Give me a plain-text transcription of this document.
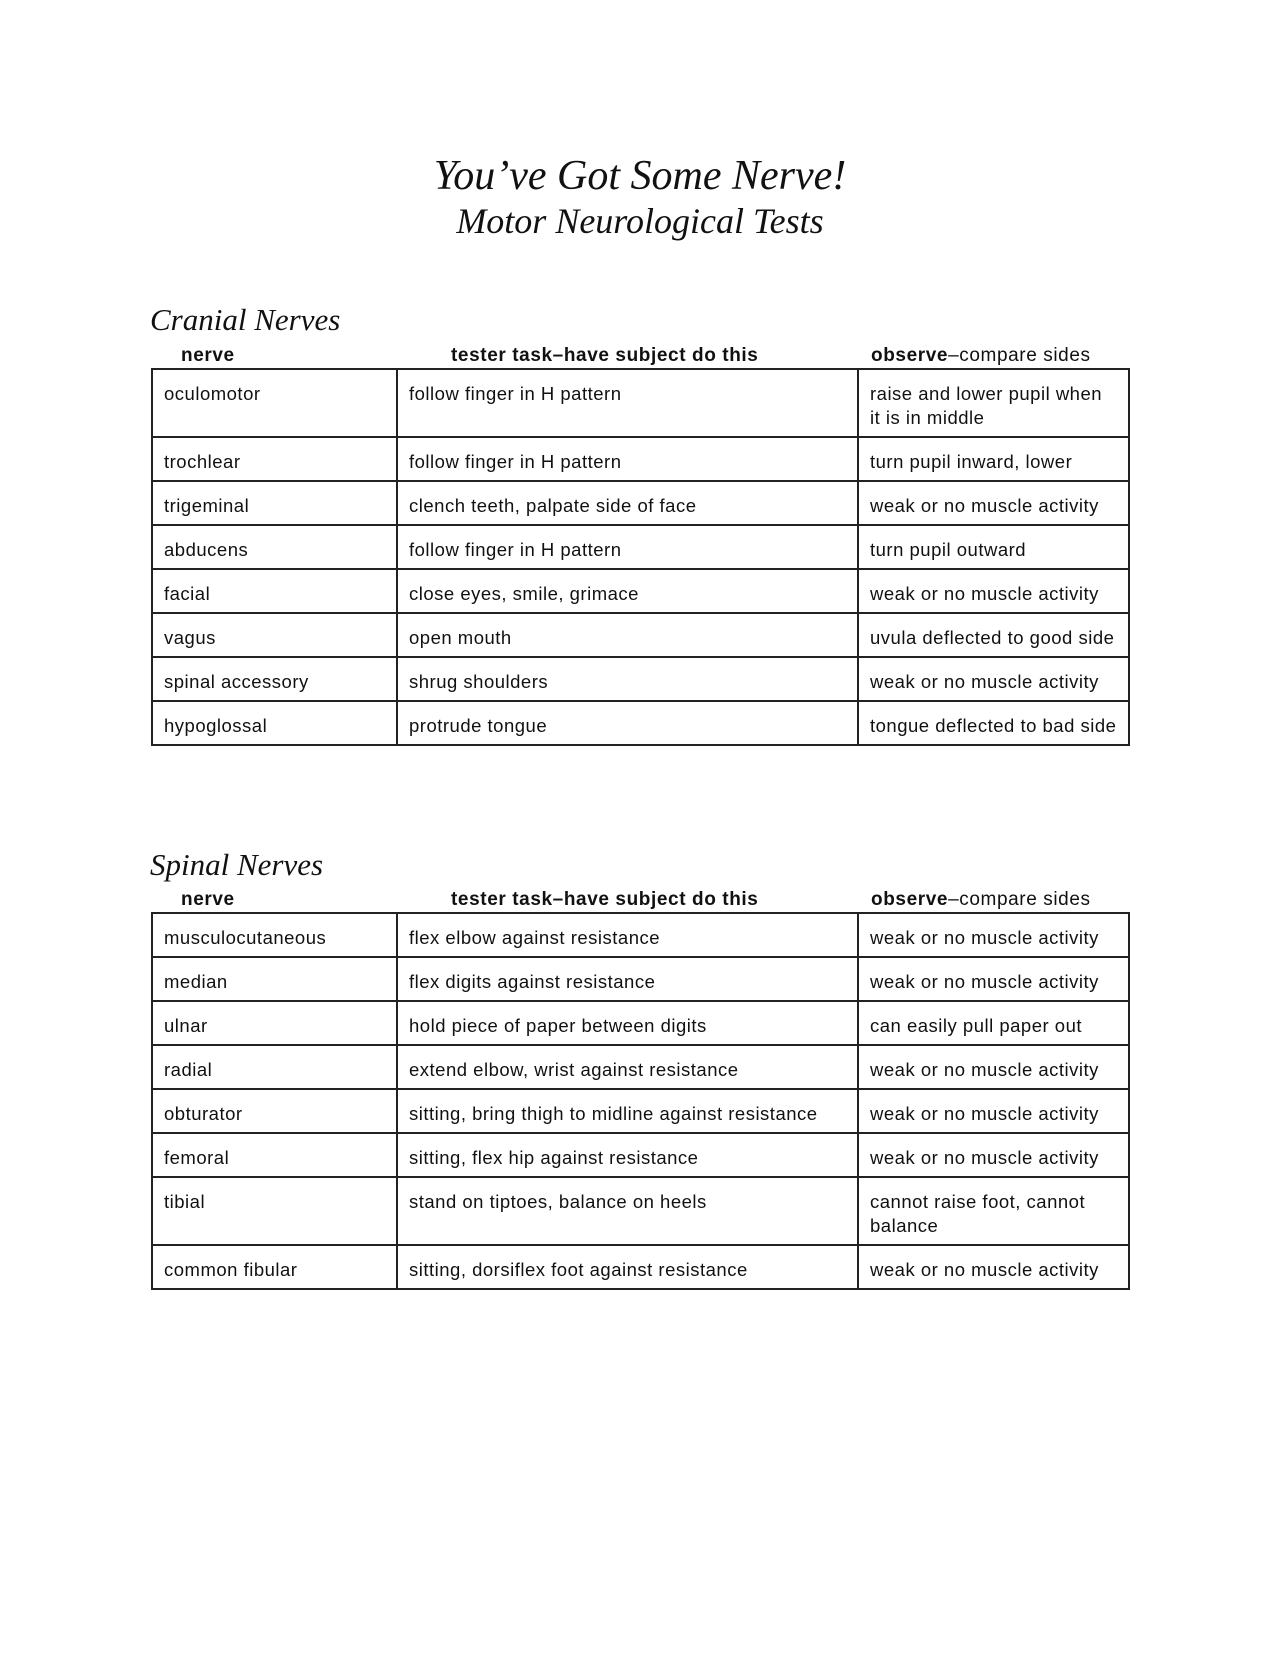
You’ve Got Some Nerve!
Motor Neurological Tests
Cranial Nerves
nerve	tester task–have subject do this	observe–compare sides
oculomotor	follow finger in H pattern	raise and lower pupil when it is in middle
trochlear	follow finger in H pattern	turn pupil inward, lower
trigeminal	clench teeth, palpate side of face	weak or no muscle activity
abducens	follow finger in H pattern	turn pupil outward
facial	close eyes, smile, grimace	weak or no muscle activity
vagus	open mouth	uvula deflected to good side
spinal accessory	shrug shoulders	weak or no muscle activity
hypoglossal	protrude tongue	tongue deflected to bad side
Spinal Nerves
nerve	tester task–have subject do this	observe–compare sides
musculocutaneous	flex elbow against resistance	weak or no muscle activity
median	flex digits against resistance	weak or no muscle activity
ulnar	hold piece of paper between digits	can easily pull paper out
radial	extend elbow, wrist against resistance	weak or no muscle activity
obturator	sitting, bring thigh to midline against resistance	weak or no muscle activity
femoral	sitting, flex hip against resistance	weak or no muscle activity
tibial	stand on tiptoes, balance on heels	cannot raise foot, cannot balance
common fibular	sitting, dorsiflex foot against resistance	weak or no muscle activity
